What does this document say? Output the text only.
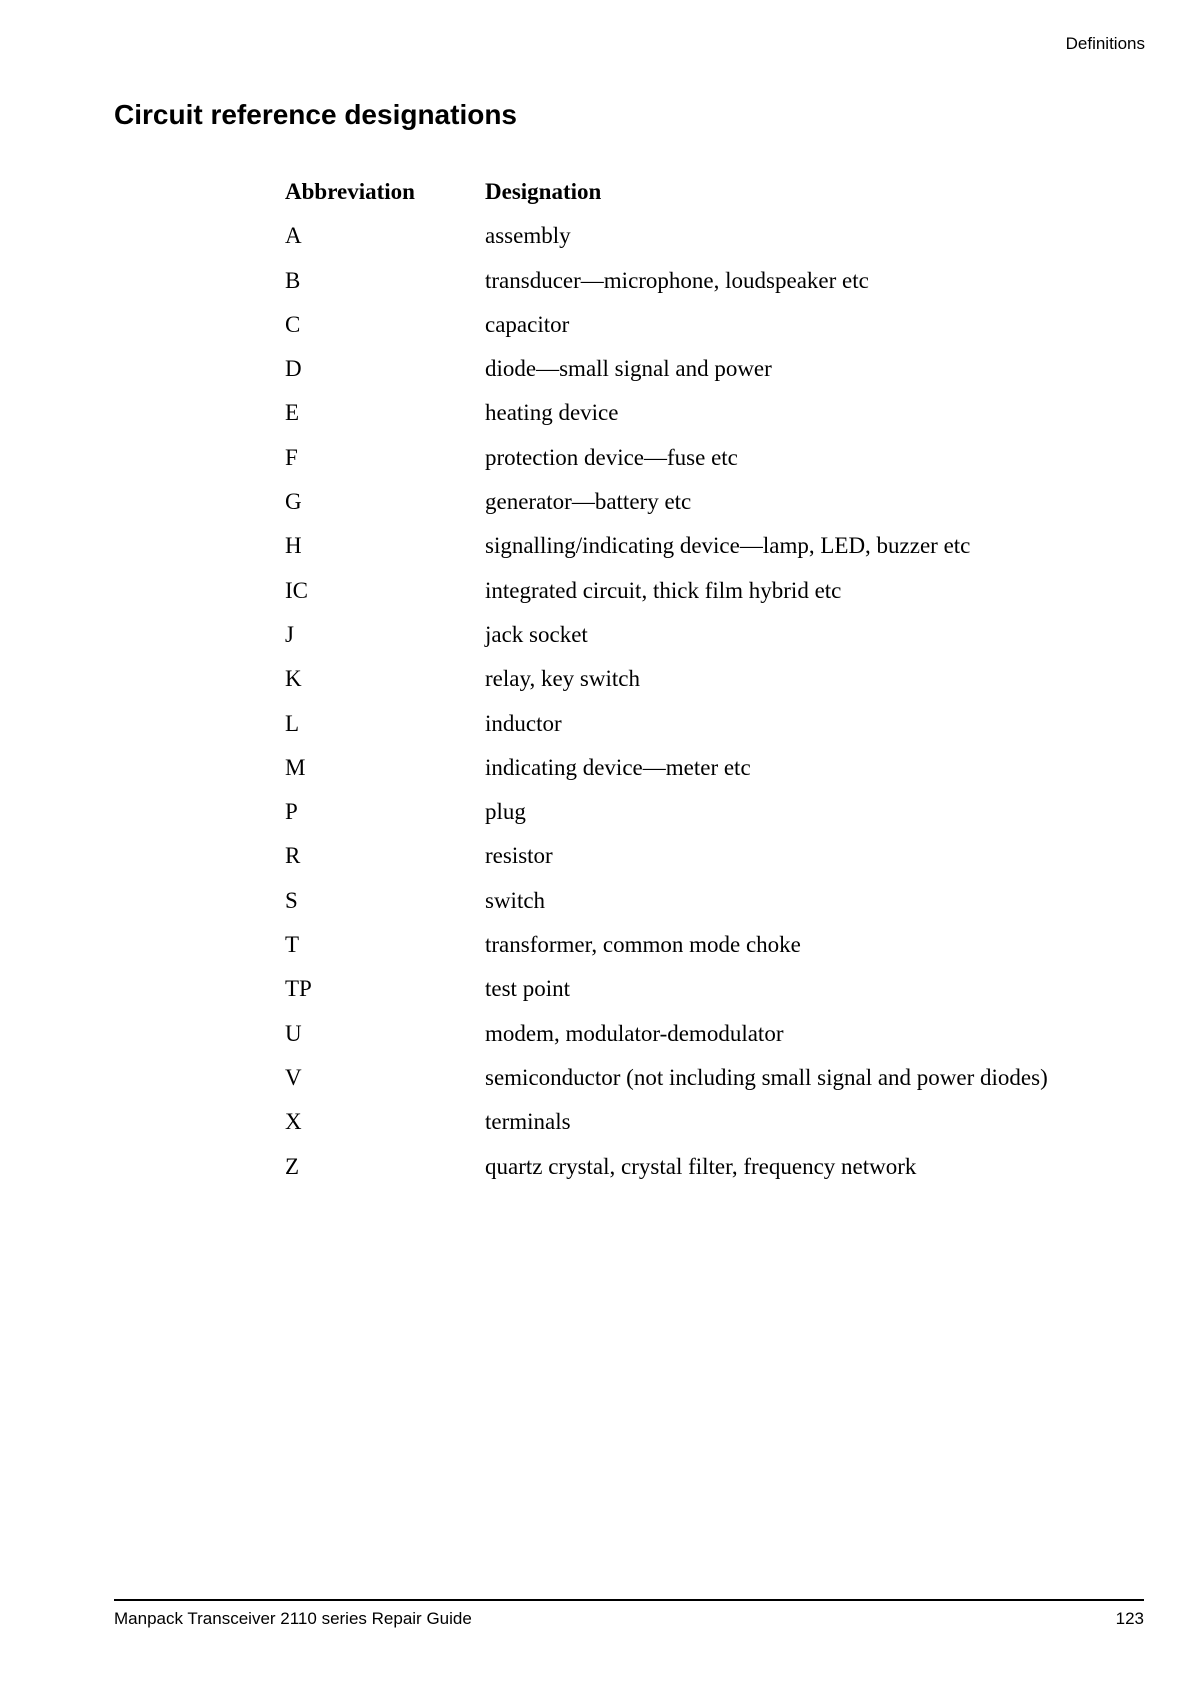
Definitions

Circuit reference designations
Abbreviation	Designation
A	assembly
B	transducer—microphone, loudspeaker etc
C	capacitor
D	diode—small signal and power
E	heating device
F	protection device—fuse etc
G	generator—battery etc
H	signalling/indicating device—lamp, LED, buzzer etc
IC	integrated circuit, thick film hybrid etc
J	jack socket
K	relay, key switch
L	inductor
M	indicating device—meter etc
P	plug
R	resistor
S	switch
T	transformer, common mode choke
TP	test point
U	modem, modulator-demodulator
V	semiconductor (not including small signal and power diodes)
X	terminals
Z	quartz crystal, crystal filter, frequency network

Manpack Transceiver 2110 series Repair Guide	123
